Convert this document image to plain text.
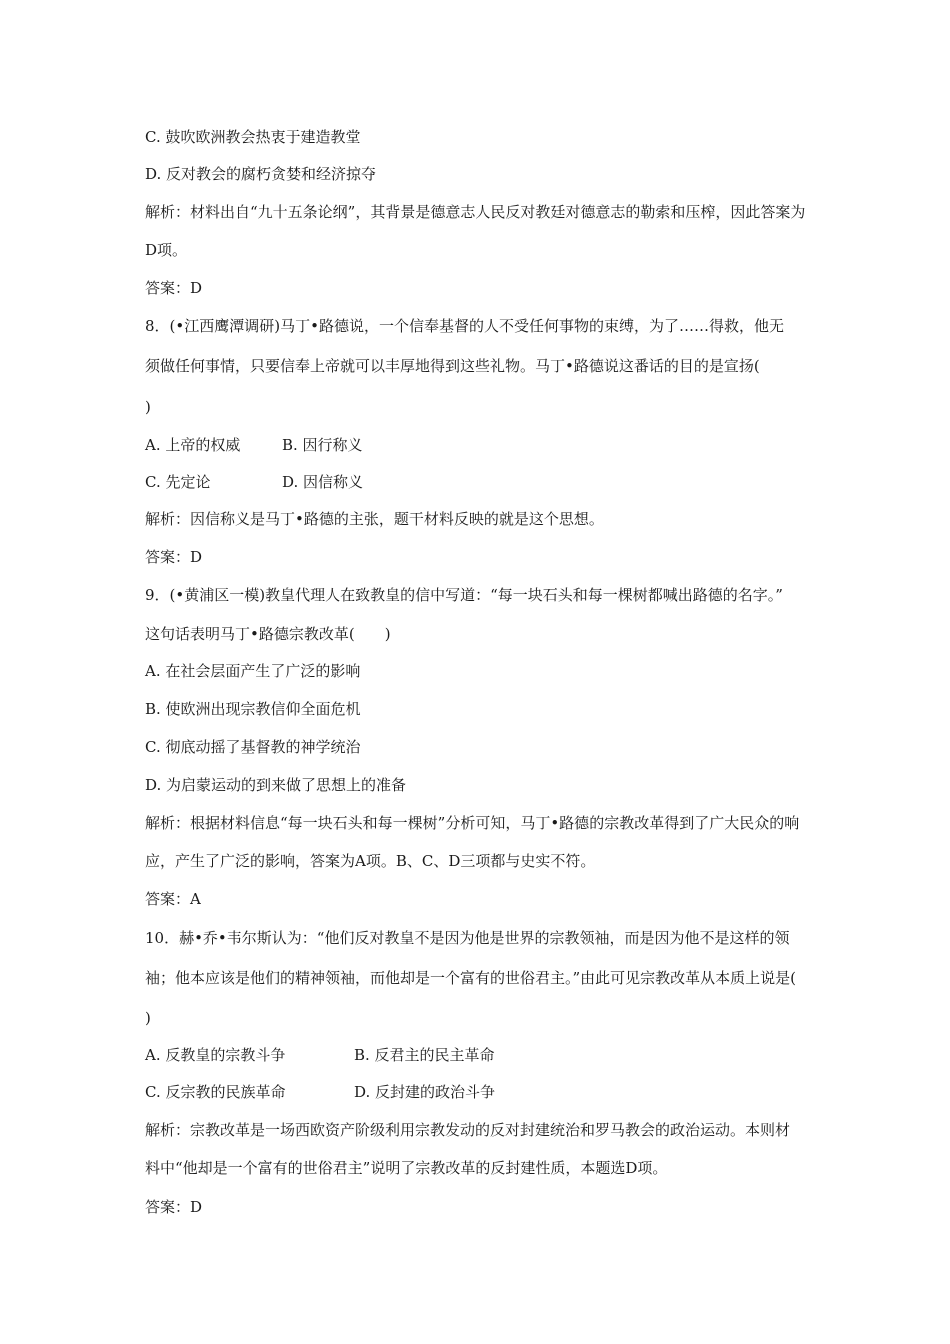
C. 鼓吹欧洲教会热衷于建造教堂
D. 反对教会的腐朽贪婪和经济掠夺
解析：材料出自“九十五条论纲”，其背景是德意志人民反对教廷对德意志的勒索和压榨，因此答案为
D项。
答案：D
8．(•江西鹰潭调研)马丁•路德说，一个信奉基督的人不受任何事物的束缚，为了……得救，他无
须做任何事情，只要信奉上帝就可以丰厚地得到这些礼物。马丁•路德说这番话的目的是宣扬(
)
A. 上帝的权威	B. 因行称义
C. 先定论	D. 因信称义
解析：因信称义是马丁•路德的主张，题干材料反映的就是这个思想。
答案：D
9．(•黄浦区一模)教皇代理人在致教皇的信中写道：“每一块石头和每一棵树都喊出路德的名字。”
这句话表明马丁•路德宗教改革(　　)
A. 在社会层面产生了广泛的影响
B. 使欧洲出现宗教信仰全面危机
C. 彻底动摇了基督教的神学统治
D. 为启蒙运动的到来做了思想上的准备
解析：根据材料信息“每一块石头和每一棵树”分析可知，马丁•路德的宗教改革得到了广大民众的响
应，产生了广泛的影响，答案为A项。B、C、D三项都与史实不符。
答案：A
10．赫•乔•韦尔斯认为：“他们反对教皇不是因为他是世界的宗教领袖，而是因为他不是这样的领
袖；他本应该是他们的精神领袖，而他却是一个富有的世俗君主。”由此可见宗教改革从本质上说是(
)
A. 反教皇的宗教斗争	B. 反君主的民主革命
C. 反宗教的民族革命	D. 反封建的政治斗争
解析：宗教改革是一场西欧资产阶级利用宗教发动的反对封建统治和罗马教会的政治运动。本则材
料中“他却是一个富有的世俗君主”说明了宗教改革的反封建性质，本题选D项。
答案：D
